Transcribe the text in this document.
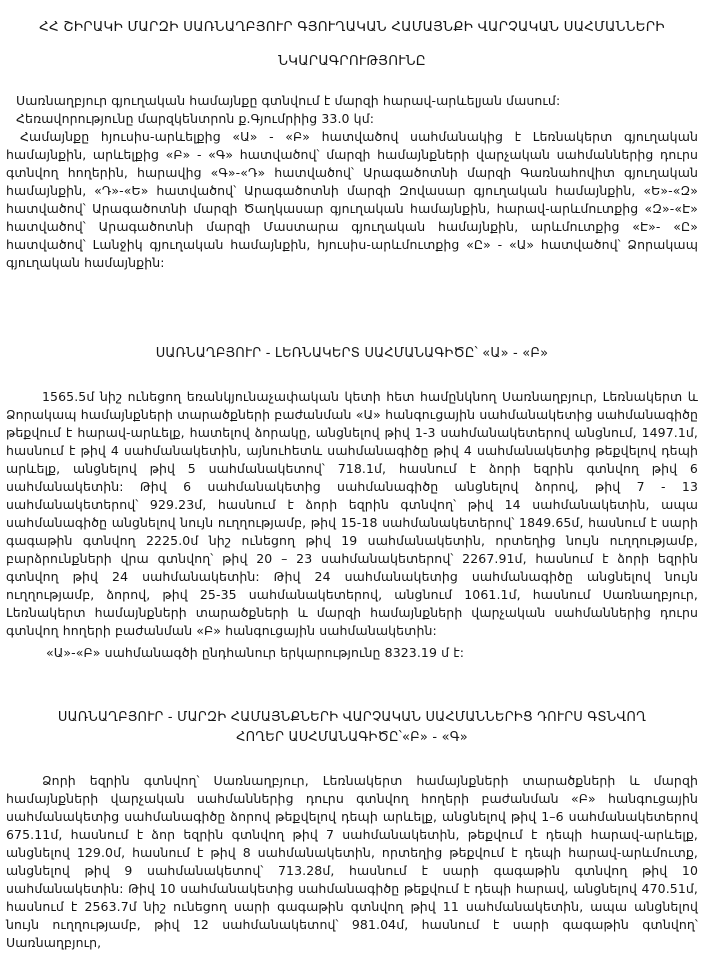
ՀՀ ՇԻՐԱԿԻ ՄԱՐԶԻ ՍԱՌՆԱՂԲՅՈՒՐ ԳՅՈՒՂԱԿԱՆ ՀԱՄԱՅՆՔԻ ՎԱՐՉԱԿԱՆ ՍԱՀՄԱՆՆԵՐԻ
ՆԿԱՐԱԳՐՈՒԹՅՈՒՆԸ

Սառնաղբյուր գյուղական համայնքը գտնվում է մարզի հարավ-արևելյան մասում:

Հեռավորությունը մարզկենտրոն ք.Գյումրիից 33.0 կմ:

Համայնքը հյուսիս-արևելքից «Ա» - «Բ» հատվածով սահմանակից է Լեռնակերտ գյուղական համայնքին, արևելքից «Բ» - «Գ» հատվածով՝ մարզի համայնքների վարչական սահմաններից դուրս գտնվող հողերին, հարավից «Գ»-«Դ» հատվածով՝ Արագածոտնի մարզի Գառնահովիտ գյուղական համայնքին, «Դ»-«Ե» հատվածով՝ Արագածոտնի մարզի Զովասար գյուղական համայնքին, «Ե»-«Զ» հատվածով՝ Արագածոտնի մարզի Ծաղկասար գյուղական համայնքին, հարավ-արևմուտքից «Զ»-«Է» հատվածով՝ Արագածոտնի մարզի Մաստարա գյուղական համայնքին, արևմուտքից «Է»- «Ը» հատվածով՝ Լանջիկ գյուղական համայնքին, հյուսիս-արևմուտքից «Ը» - «Ա» հատվածով՝ Ձորակապ գյուղական համայնքին:

ՍԱՌՆԱՂԲՅՈՒՐ - ԼԵՌՆԱԿԵՐՏ ՍԱՀՄԱՆԱԳԻԾԸ՝ «Ա» - «Բ»

1565.5մ նիշ ունեցող եռանկյունաչափական կետի հետ համընկնող Սառնաղբյուր, Լեռնակերտ և Ձորակապ համայնքների տարածքների բաժանման «Ա» հանգուցային սահմանակետից սահմանագիծը թեքվում է հարավ-արևելք, հատելով ձորակը, անցնելով թիվ 1-3 սահմանակետերով անցնում, 1497.1մ, հասնում է թիվ 4 սահմանակետին, այնուհետև սահմանագիծը թիվ 4 սահմանակետից թեքվելով դեպի արևելք, անցնելով թիվ 5 սահմանակետով՝ 718.1մ, հասնում է ձորի եզրին գտնվող թիվ 6 սահմանակետին: Թիվ 6 սահմանակետից սահմանագիծը անցնելով ձորով, թիվ 7 - 13 սահմանակետերով՝ 929.23մ, հասնում է ձորի եզրին գտնվող՝ թիվ 14 սահմանակետին, ապա սահմանագիծը անցնելով նույն ուղղությամբ, թիվ 15-18 սահմանակետերով՝ 1849.65մ, հասնում է սարի գագաթին գտնվող 2225.0մ նիշ ունեցող թիվ 19 սահմանակետին, որտեղից նույն ուղղությամբ, բարձրունքների վրա գտնվող՝ թիվ 20 – 23 սահմանակետերով՝ 2267.91մ, հասնում է ձորի եզրին գտնվող թիվ 24 սահմանակետին: Թիվ 24 սահմանակետից սահմանագիծը անցնելով նույն ուղղությամբ, ձորով, թիվ 25-35 սահմանակետերով, անցնում 1061.1մ, հասնում Սառնաղբյուր, Լեռնակերտ համայնքների տարածքների և մարզի համայնքների վարչական սահմաններից դուրս գտնվող հողերի բաժանման «Բ» հանգուցային սահմանակետին:

«Ա»-«Բ» սահմանագծի ընդհանուր երկարությունը 8323.19 մ է:

ՍԱՌՆԱՂԲՅՈՒՐ - ՄԱՐԶԻ ՀԱՄԱՅՆՔՆԵՐԻ ՎԱՐՉԱԿԱՆ ՍԱՀՄԱՆՆԵՐԻՑ ԴՈՒՐՍ ԳՏՆՎՈՂ
ՀՈՂԵՐ ԱՍՀՄԱՆԱԳԻԾԸ՝«Բ» - «Գ»

Ձորի եզրին գտնվող՝ Սառնաղբյուր, Լեռնակերտ համայնքների տարածքների և մարզի համայնքների վարչական սահմաններից դուրս գտնվող հողերի բաժանման «Բ» հանգուցային սահմանակետից սահմանագիծը ձորով թեքվելով դեպի արևելք, անցնելով թիվ 1–6 սահմանակետերով 675.11մ, հասնում է ձոր եզրին գտնվող թիվ 7 սահմանակետին, թեքվում է դեպի հարավ-արևելք, անցնելով 129.0մ, հասնում է թիվ 8 սահմանակետին, որտեղից թեքվում է դեպի հարավ-արևմուտք, անցնելով թիվ 9 սահմանակետով՝ 713.28մ, հասնում է սարի գագաթին գտնվող թիվ 10 սահմանակետին: Թիվ 10 սահմանակետից սահմանագիծը թեքվում է դեպի հարավ, անցնելով 470.51մ, հասնում է 2563.7մ նիշ ունեցող սարի գագաթին գտնվող թիվ 11 սահմանակետին, ապա անցնելով նույն ուղղությամբ, թիվ 12 սահմանակետով՝ 981.04մ, հասնում է սարի գագաթին գտնվող՝ Սառնաղբյուր,
